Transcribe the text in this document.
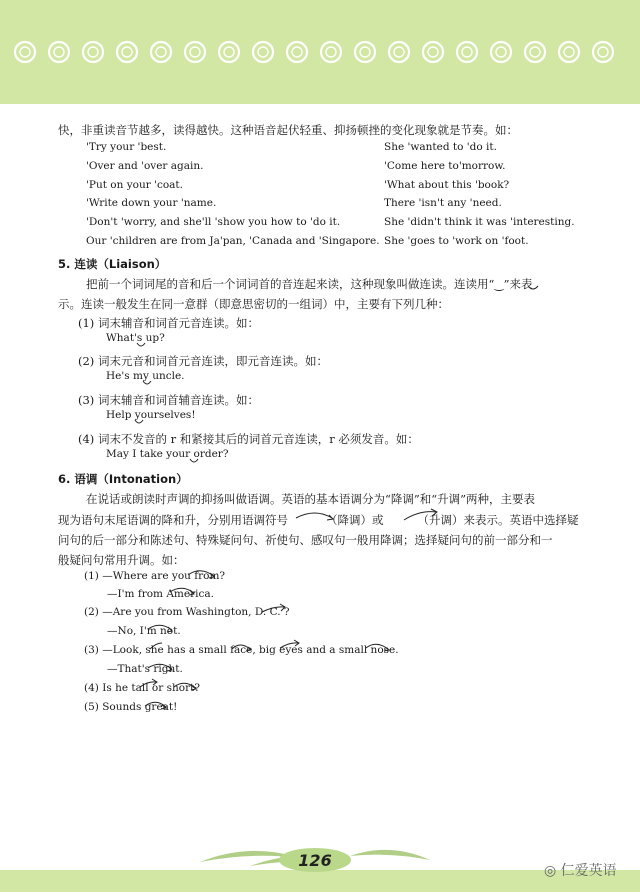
快，非重读音节越多，读得越快。这种语音起伏轻重、抑扬顿挫的变化现象就是节奏。如：
'Try your 'best.
'Over and 'over again.
'Put on your 'coat.
'Write down your 'name.
'Don't 'worry, and she'll 'show you how to 'do it.
Our 'children are from Ja'pan, 'Canada and 'Singapore.
She 'wanted to 'do it.
'Come here to'morrow.
'What about this 'book?
There 'isn't any 'need.
She 'didn't think it was 'interesting.
She 'goes to 'work on 'foot.
5. 连读（Liaison）
把前一个词词尾的音和后一个词词首的音连起来读，这种现象叫做连读。连读用“‿”来表
示。连读一般发生在同一意群（即意思密切的一组词）中，主要有下列几种：
(1) 词末辅音和词首元音连读。如：
What's up?
(2) 词末元音和词首元音连读，即元音连读。如：
He's my uncle.
(3) 词末辅音和词首辅音连读。如：
Help yourselves!
(4) 词末不发音的 r 和紧接其后的词首元音连读，r 必须发音。如：
May I take your order?
6. 语调（Intonation）
在说话或朗读时声调的抑扬叫做语调。英语的基本语调分为“降调”和“升调”两种，主要表
现为语句末尾语调的降和升，分别用语调符号	（降调）或	（升调）来表示。英语中选择疑
问句的后一部分和陈述句、特殊疑问句、祈使句、感叹句一般用降调；选择疑问句的前一部分和一
般疑问句常用升调。如：
(1) —Where are you from?
—I'm from America.
(2) —Are you from Washington, D. C. ?
—No, I'm not.
(3) —Look, she has a small face, big eyes and a small nose.
—That's right.
(4) Is he tall or short?
(5) Sounds great!
126
◎ 仁爱英语
